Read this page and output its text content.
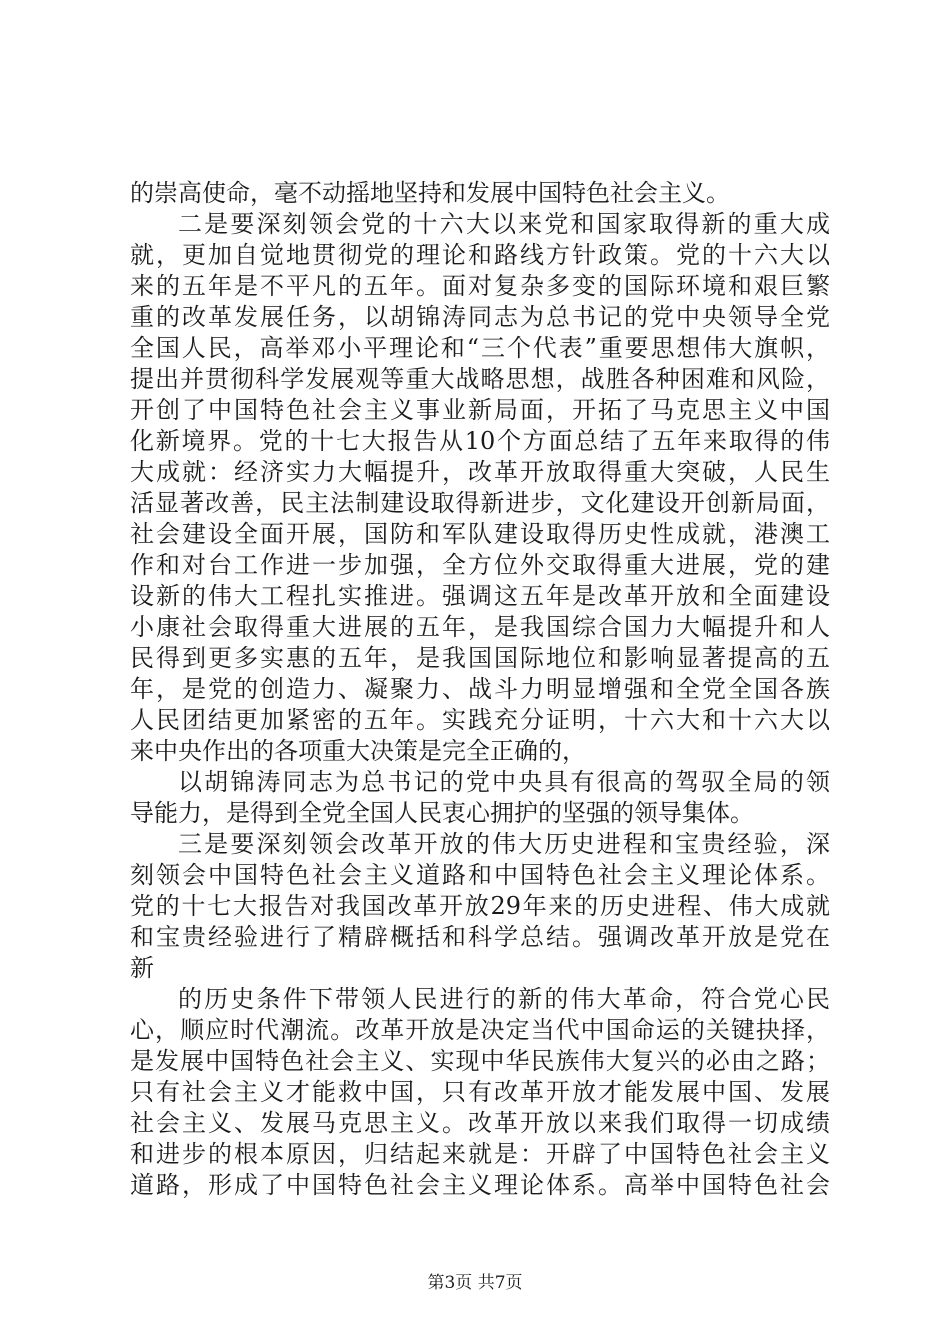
的崇高使命，毫不动摇地坚持和发展中国特色社会主义。

二是要深刻领会党的十六大以来党和国家取得新的重大成

就，更加自觉地贯彻党的理论和路线方针政策。党的十六大以

来的五年是不平凡的五年。面对复杂多变的国际环境和艰巨繁

重的改革发展任务，以胡锦涛同志为总书记的党中央领导全党

全国人民，高举邓小平理论和“三个代表”重要思想伟大旗帜，

提出并贯彻科学发展观等重大战略思想，战胜各种困难和风险，

开创了中国特色社会主义事业新局面，开拓了马克思主义中国

化新境界。党的十七大报告从10个方面总结了五年来取得的伟

大成就：经济实力大幅提升，改革开放取得重大突破，人民生

活显著改善，民主法制建设取得新进步，文化建设开创新局面，

社会建设全面开展，国防和军队建设取得历史性成就，港澳工

作和对台工作进一步加强，全方位外交取得重大进展，党的建

设新的伟大工程扎实推进。强调这五年是改革开放和全面建设

小康社会取得重大进展的五年，是我国综合国力大幅提升和人

民得到更多实惠的五年，是我国国际地位和影响显著提高的五

年，是党的创造力、凝聚力、战斗力明显增强和全党全国各族

人民团结更加紧密的五年。实践充分证明，十六大和十六大以

来中央作出的各项重大决策是完全正确的，

以胡锦涛同志为总书记的党中央具有很高的驾驭全局的领

导能力，是得到全党全国人民衷心拥护的坚强的领导集体。

三是要深刻领会改革开放的伟大历史进程和宝贵经验，深

刻领会中国特色社会主义道路和中国特色社会主义理论体系。

党的十七大报告对我国改革开放29年来的历史进程、伟大成就

和宝贵经验进行了精辟概括和科学总结。强调改革开放是党在

新

的历史条件下带领人民进行的新的伟大革命，符合党心民

心，顺应时代潮流。改革开放是决定当代中国命运的关键抉择，

是发展中国特色社会主义、实现中华民族伟大复兴的必由之路；

只有社会主义才能救中国，只有改革开放才能发展中国、发展

社会主义、发展马克思主义。改革开放以来我们取得一切成绩

和进步的根本原因，归结起来就是：开辟了中国特色社会主义

道路，形成了中国特色社会主义理论体系。高举中国特色社会

第3页 共7页
